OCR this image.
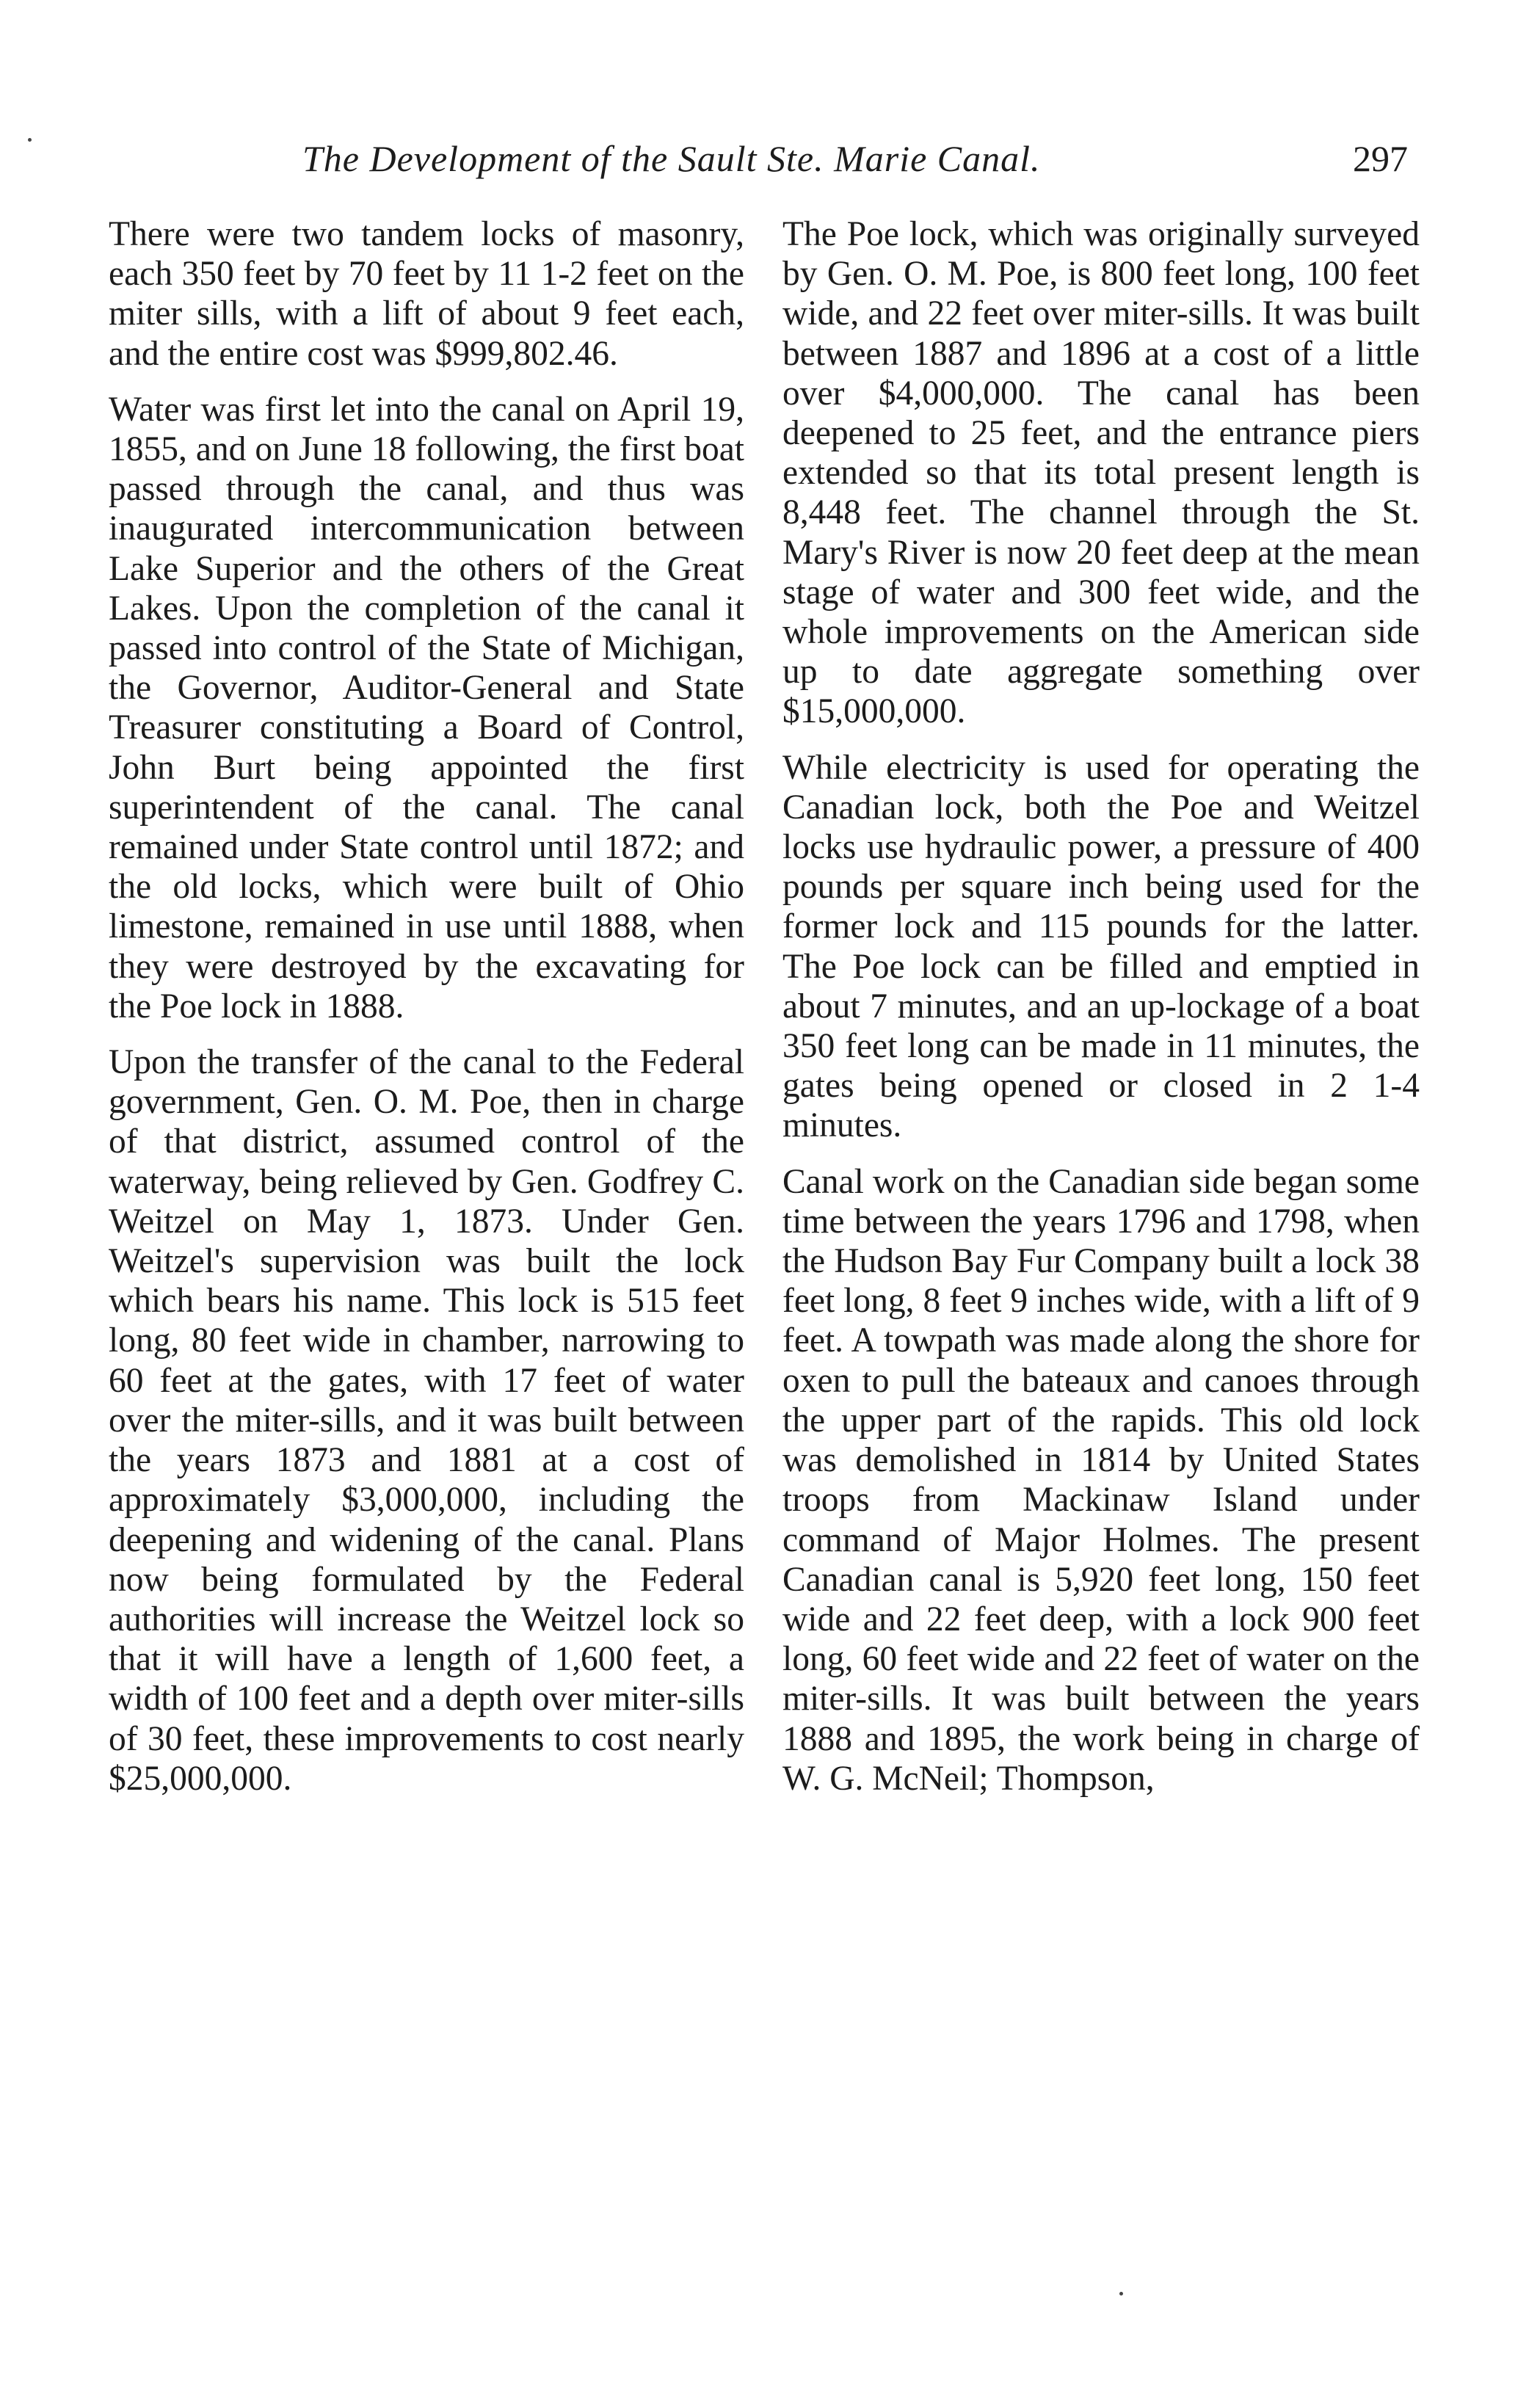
The Development of the Sault Ste. Marie Canal.	297

There were two tandem locks of masonry, each 350 feet by 70 feet by 11 1-2 feet on the miter sills, with a lift of about 9 feet each, and the entire cost was $999,802.46.

Water was first let into the canal on April 19, 1855, and on June 18 following, the first boat passed through the canal, and thus was inaugurated intercommunication between Lake Superior and the others of the Great Lakes. Upon the completion of the canal it passed into control of the State of Michigan, the Governor, Auditor-General and State Treasurer constituting a Board of Control, John Burt being appointed the first superintendent of the canal. The canal remained under State control until 1872; and the old locks, which were built of Ohio limestone, remained in use until 1888, when they were destroyed by the excavating for the Poe lock in 1888.

Upon the transfer of the canal to the Federal government, Gen. O. M. Poe, then in charge of that district, assumed control of the waterway, being relieved by Gen. Godfrey C. Weitzel on May 1, 1873. Under Gen. Weitzel's supervision was built the lock which bears his name. This lock is 515 feet long, 80 feet wide in chamber, narrowing to 60 feet at the gates, with 17 feet of water over the miter-sills, and it was built between the years 1873 and 1881 at a cost of approximately $3,000,000, including the deepening and widening of the canal. Plans now being formulated by the Federal authorities will increase the Weitzel lock so that it will have a length of 1,600 feet, a width of 100 feet and a depth over miter-sills of 30 feet, these improvements to cost nearly $25,000,000.

The Poe lock, which was originally surveyed by Gen. O. M. Poe, is 800 feet long, 100 feet wide, and 22 feet over miter-sills. It was built between 1887 and 1896 at a cost of a little over $4,000,000. The canal has been deepened to 25 feet, and the entrance piers extended so that its total present length is 8,448 feet. The channel through the St. Mary's River is now 20 feet deep at the mean stage of water and 300 feet wide, and the whole improvements on the American side up to date aggregate something over $15,000,000.

While electricity is used for operating the Canadian lock, both the Poe and Weitzel locks use hydraulic power, a pressure of 400 pounds per square inch being used for the former lock and 115 pounds for the latter. The Poe lock can be filled and emptied in about 7 minutes, and an up-lockage of a boat 350 feet long can be made in 11 minutes, the gates being opened or closed in 2 1-4 minutes.

Canal work on the Canadian side began some time between the years 1796 and 1798, when the Hudson Bay Fur Company built a lock 38 feet long, 8 feet 9 inches wide, with a lift of 9 feet. A towpath was made along the shore for oxen to pull the bateaux and canoes through the upper part of the rapids. This old lock was demolished in 1814 by United States troops from Mackinaw Island under command of Major Holmes. The present Canadian canal is 5,920 feet long, 150 feet wide and 22 feet deep, with a lock 900 feet long, 60 feet wide and 22 feet of water on the miter-sills. It was built between the years 1888 and 1895, the work being in charge of W. G. McNeil; Thompson,
